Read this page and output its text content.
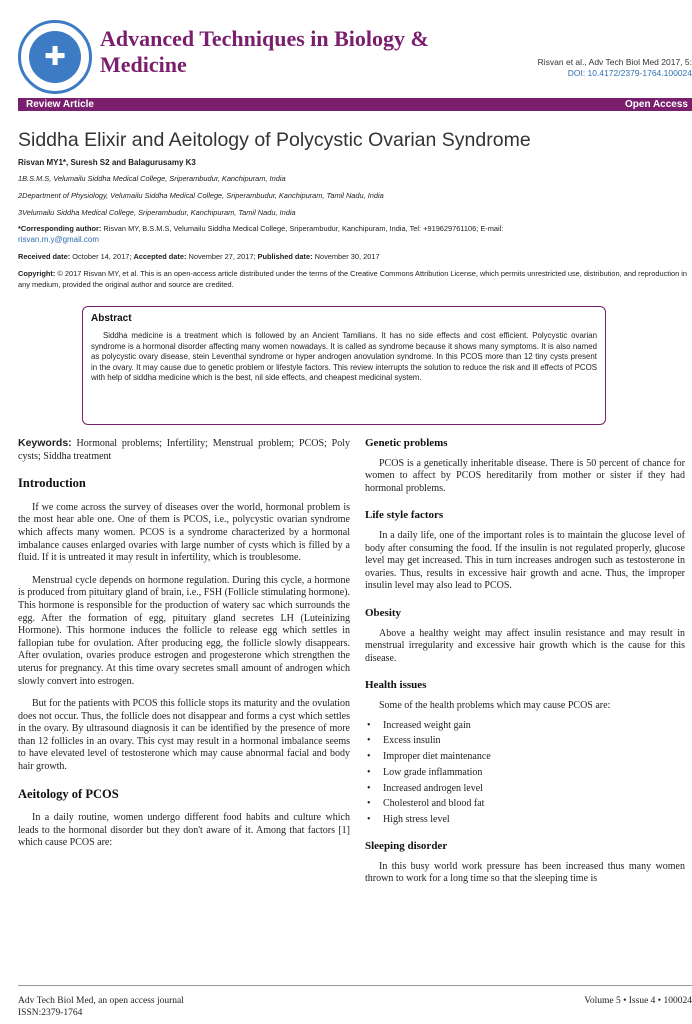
✚
Advanced Techniques in Biology & Medicine	Risvan et al., Adv Tech Biol Med 2017, 5:
DOI: 10.4172/2379-1764.100024
Review Article	Open Access
Siddha Elixir and Aeitology of Polycystic Ovarian Syndrome
Risvan MY1*, Suresh S2 and Balagurusamy K3
1B.S.M.S, Velumailu Siddha Medical College, Sriperambudur, Kanchipuram, India
2Department of Physiology, Velumailu Siddha Medical College, Sriperambudur, Kanchipuram, Tamil Nadu, India
3Velumailu Siddha Medical College, Sriperambudur, Kanchipuram, Tamil Nadu, India
*Corresponding author: Risvan MY, B.S.M.S, Velumailu Siddha Medical College, Sriperambudur, Kanchipuram, India, Tel: +919629761106; E-mail:
risvan.m.y@gmail.com
Received date: October 14, 2017; Accepted date: November 27, 2017; Published date: November 30, 2017
Copyright: © 2017 Risvan MY, et al. This is an open-access article distributed under the terms of the Creative Commons Attribution License, which permits unrestricted use, distribution, and reproduction in any medium, provided the original author and source are credited.
Abstract

Siddha medicine is a treatment which is followed by an Ancient Tamilians. It has no side effects and cost efficient. Polycystic ovarian syndrome is a hormonal disorder affecting many women nowadays. It is called as syndrome because it shows many symptoms. It is also named as polycystic ovary disease, stein Leventhal syndrome or hyper androgen anovulation syndrome. In this PCOS more than 12 tiny cysts present in the ovary. It may cause due to genetic problem or lifestyle factors. This review interrupts the solution to reduce the risk and ill effects of PCOS with help of siddha medicine which is the best, nil side effects, and cheapest medicinal system.

Keywords: Hormonal problems; Infertility; Menstrual problem; PCOS; Poly cysts; Siddha treatment

Introduction

If we come across the survey of diseases over the world, hormonal problem is the most hear able one. One of them is PCOS, i.e., polycystic ovarian syndrome which affects many women. PCOS is a syndrome characterized by a hormonal imbalance causes enlarged ovaries with large number of cysts which is filled by a fluid. If it is untreated it may result in infertility, which is troublesome.

Menstrual cycle depends on hormone regulation. During this cycle, a hormone is produced from pituitary gland of brain, i.e., FSH (Follicle stimulating hormone). This hormone is responsible for the production of watery sac which surrounds the egg. After the formation of egg, pituitary gland secretes LH (Luteinizing Hormone). This hormone induces the follicle to release egg which settles in fallopian tube for ovulation. After producing egg, the follicle slowly disappears. After ovulation, ovaries produce estrogen and progesterone which strengthen the uterus for pregnancy. At this time ovary secretes small amount of androgen which slowly convert into estrogen.

But for the patients with PCOS this follicle stops its maturity and the ovulation does not occur. Thus, the follicle does not disappear and forms a cyst which settles in the ovary. By ultrasound diagnosis it can be identified by the presence of more than 12 follicles in an ovary. This cyst may result in a hormonal imbalance seems to have elevated level of testosterone which may cause abnormal facial and body hair growth.

Aeitology of PCOS

In a daily routine, women undergo different food habits and culture which leads to the hormonal disorder but they don't aware of it. Among that factors [1] which cause PCOS are:

Genetic problems

PCOS is a genetically inheritable disease. There is 50 percent of chance for women to affect by PCOS hereditarily from mother or sister if they had hormonal problems.

Life style factors

In a daily life, one of the important roles is to maintain the glucose level of body after consuming the food. If the insulin is not regulated properly, glucose level may get increased. This in turn increases androgen such as testosterone in ovaries. Thus, results in excessive hair growth and acne. Thus, the improper insulin level may also lead to PCOS.

Obesity

Above a healthy weight may affect insulin resistance and may result in menstrual irregularity and excessive hair growth which is the cause for this disease.

Health issues

Some of the health problems which may cause PCOS are:

• Increased weight gain
• Excess insulin
• Improper diet maintenance
• Low grade inflammation
• Increased androgen level
• Cholesterol and blood fat
• High stress level
Sleeping disorder

In this busy world work pressure has been increased thus many women thrown to work for a long time so that the sleeping time is

Adv Tech Biol Med, an open access journal
ISSN:2379-1764
Volume 5 • Issue 4 • 100024
